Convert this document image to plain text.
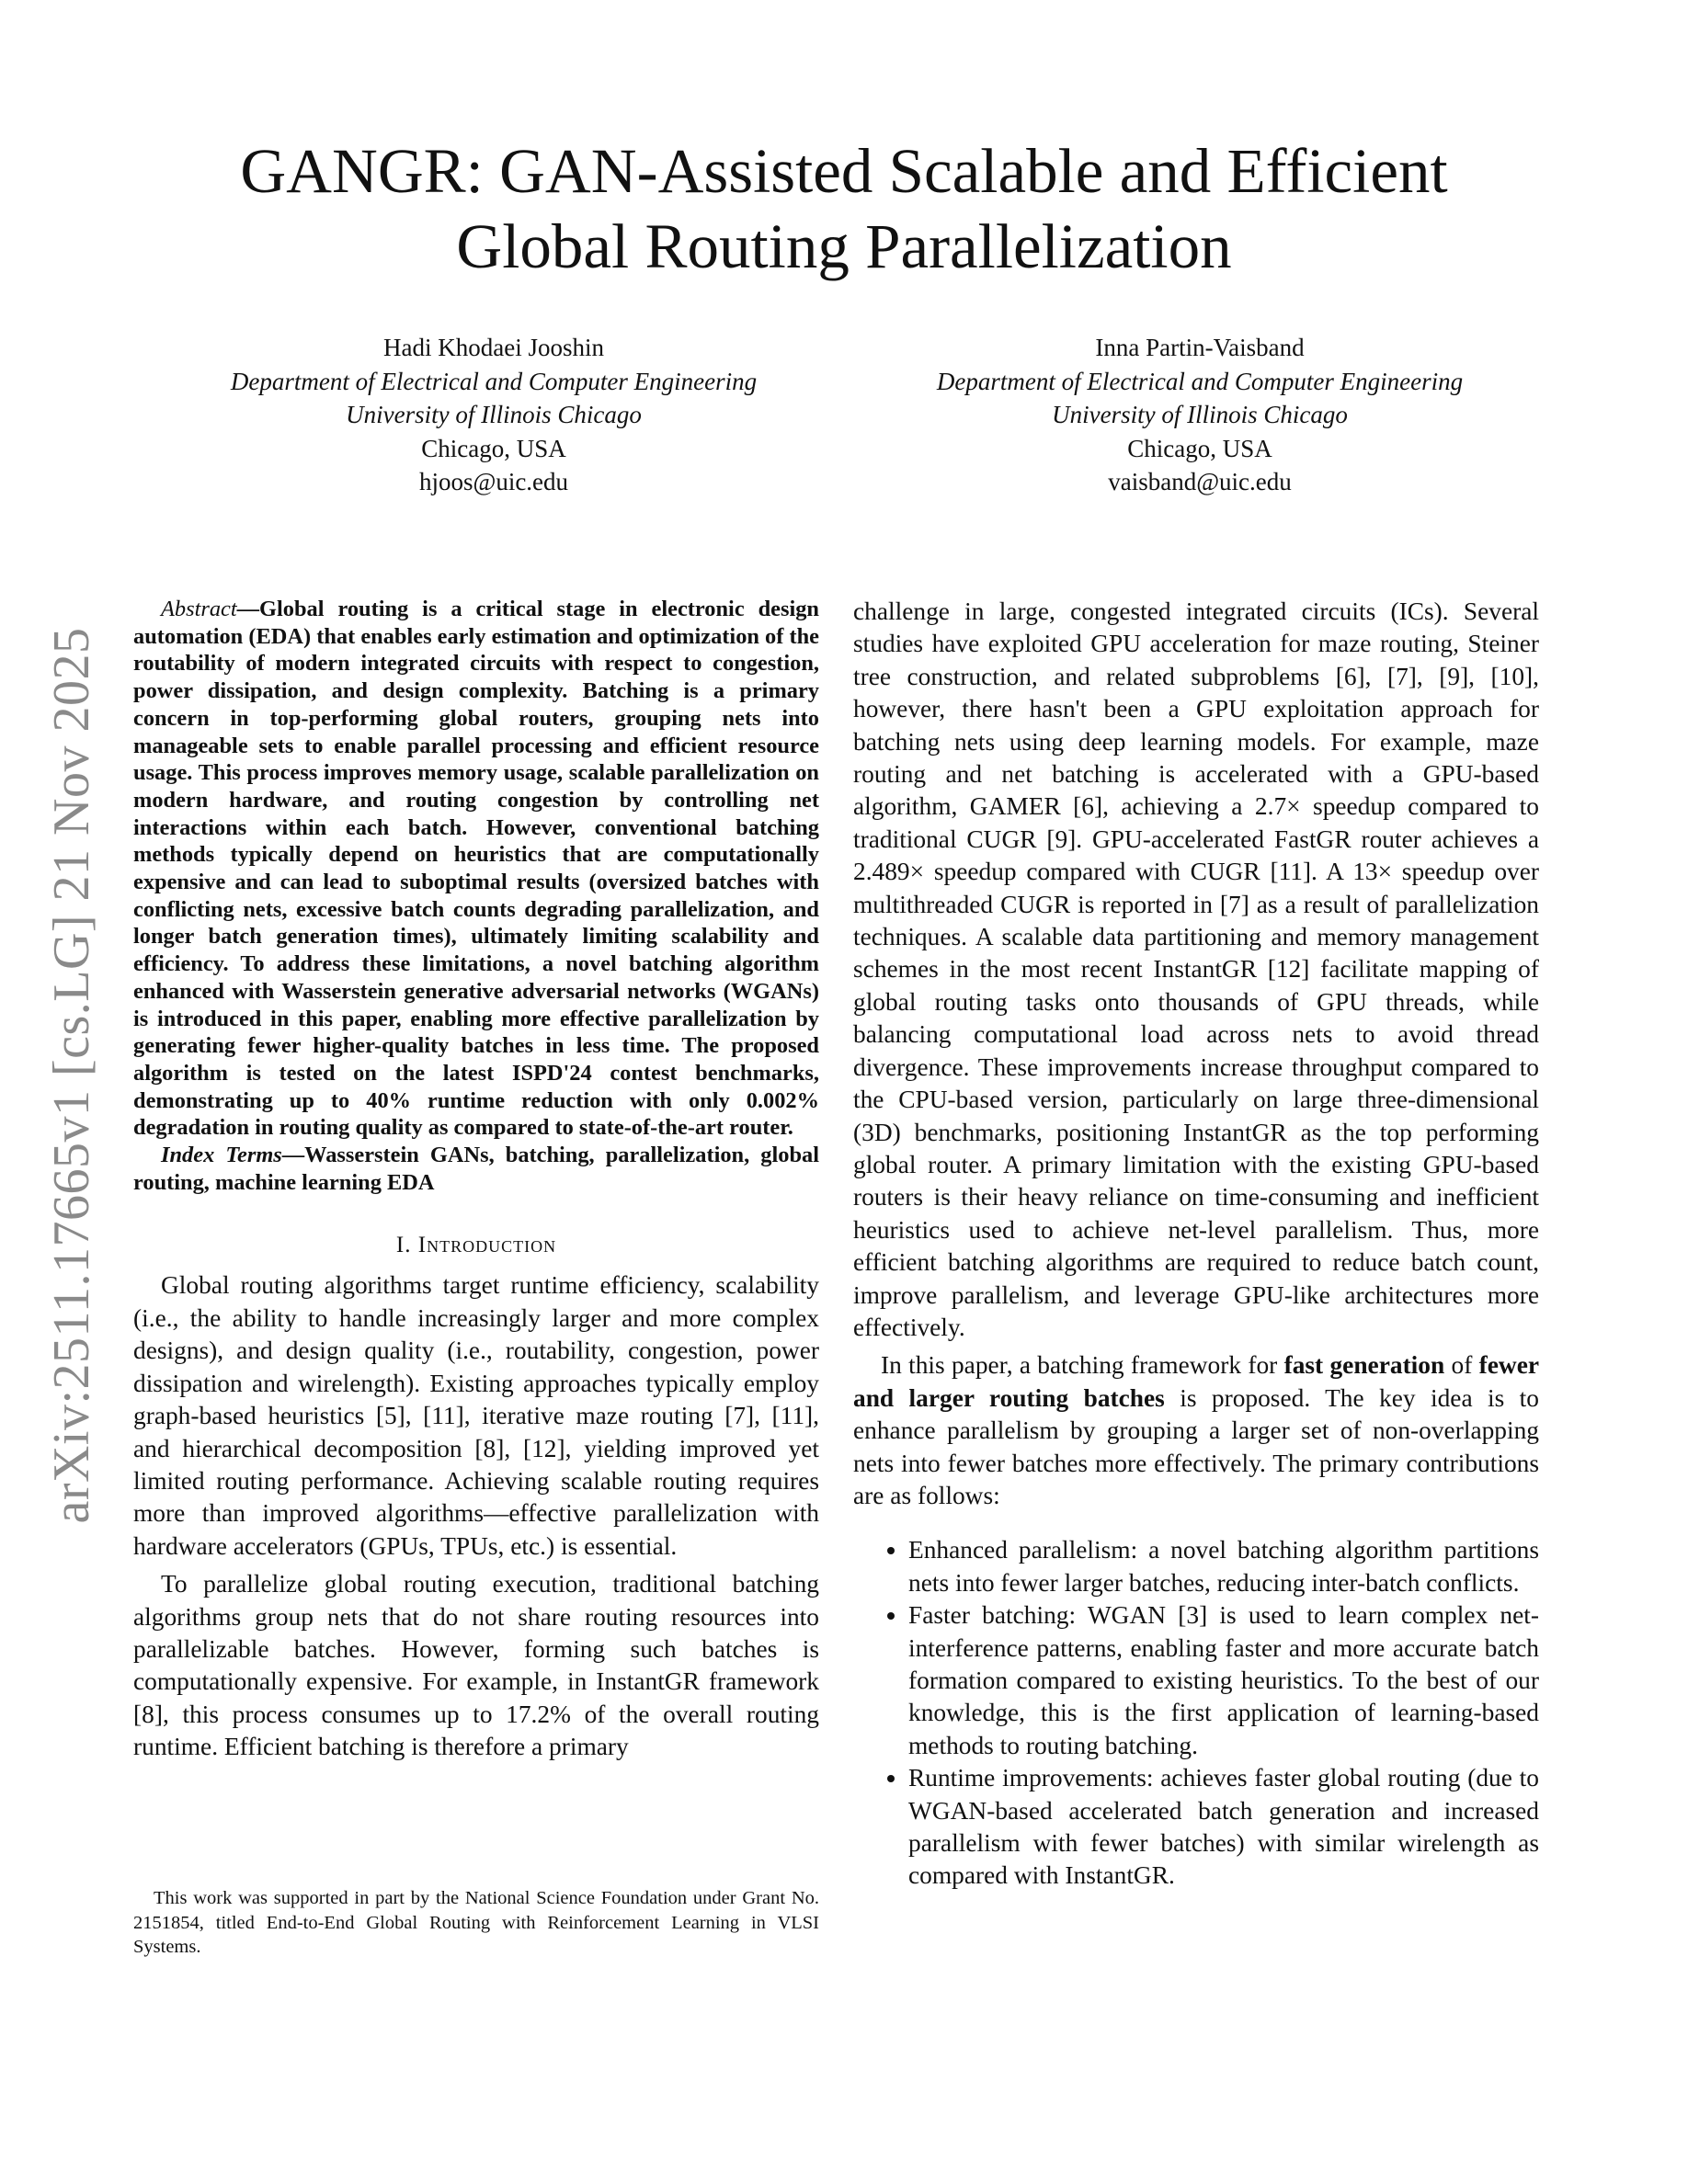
GANGR: GAN-Assisted Scalable and Efficient
Global Routing Parallelization
Hadi Khodaei Jooshin
Department of Electrical and Computer Engineering
University of Illinois Chicago
Chicago, USA
hjoos@uic.edu
Inna Partin-Vaisband
Department of Electrical and Computer Engineering
University of Illinois Chicago
Chicago, USA
vaisband@uic.edu
arXiv:2511.17665v1 [cs.LG] 21 Nov 2025

Abstract—Global routing is a critical stage in electronic design automation (EDA) that enables early estimation and optimization of the routability of modern integrated circuits with respect to congestion, power dissipation, and design complexity. Batching is a primary concern in top-performing global routers, grouping nets into manageable sets to enable parallel processing and efficient resource usage. This process improves memory usage, scalable parallelization on modern hardware, and routing congestion by controlling net interactions within each batch. However, conventional batching methods typically depend on heuristics that are computationally expensive and can lead to suboptimal results (oversized batches with conflicting nets, excessive batch counts degrading parallelization, and longer batch generation times), ultimately limiting scalability and efficiency. To address these limitations, a novel batching algorithm enhanced with Wasserstein generative adversarial networks (WGANs) is introduced in this paper, enabling more effective parallelization by generating fewer higher-quality batches in less time. The proposed algorithm is tested on the latest ISPD'24 contest benchmarks, demonstrating up to 40% runtime reduction with only 0.002% degradation in routing quality as compared to state-of-the-art router.

Index Terms—Wasserstein GANs, batching, parallelization, global routing, machine learning EDA

I. Introduction

Global routing algorithms target runtime efficiency, scalability (i.e., the ability to handle increasingly larger and more complex designs), and design quality (i.e., routability, congestion, power dissipation and wirelength). Existing approaches typically employ graph-based heuristics [5], [11], iterative maze routing [7], [11], and hierarchical decomposition [8], [12], yielding improved yet limited routing performance. Achieving scalable routing requires more than improved algorithms—effective parallelization with hardware accelerators (GPUs, TPUs, etc.) is essential.

To parallelize global routing execution, traditional batching algorithms group nets that do not share routing resources into parallelizable batches. However, forming such batches is computationally expensive. For example, in InstantGR framework [8], this process consumes up to 17.2% of the overall routing runtime. Efficient batching is therefore a primary

challenge in large, congested integrated circuits (ICs). Several studies have exploited GPU acceleration for maze routing, Steiner tree construction, and related subproblems [6], [7], [9], [10], however, there hasn't been a GPU exploitation approach for batching nets using deep learning models. For example, maze routing and net batching is accelerated with a GPU-based algorithm, GAMER [6], achieving a 2.7× speedup compared to traditional CUGR [9]. GPU-accelerated FastGR router achieves a 2.489× speedup compared with CUGR [11]. A 13× speedup over multithreaded CUGR is reported in [7] as a result of parallelization techniques. A scalable data partitioning and memory management schemes in the most recent InstantGR [12] facilitate mapping of global routing tasks onto thousands of GPU threads, while balancing computational load across nets to avoid thread divergence. These improvements increase throughput compared to the CPU-based version, particularly on large three-dimensional (3D) benchmarks, positioning InstantGR as the top performing global router. A primary limitation with the existing GPU-based routers is their heavy reliance on time-consuming and inefficient heuristics used to achieve net-level parallelism. Thus, more efficient batching algorithms are required to reduce batch count, improve parallelism, and leverage GPU-like architectures more effectively.

In this paper, a batching framework for fast generation of fewer and larger routing batches is proposed. The key idea is to enhance parallelism by grouping a larger set of non-overlapping nets into fewer batches more effectively. The primary contributions are as follows:

• Enhanced parallelism: a novel batching algorithm partitions nets into fewer larger batches, reducing inter-batch conflicts.
• Faster batching: WGAN [3] is used to learn complex net-interference patterns, enabling faster and more accurate batch formation compared to existing heuristics. To the best of our knowledge, this is the first application of learning-based methods to routing batching.
• Runtime improvements: achieves faster global routing (due to WGAN-based accelerated batch generation and increased parallelism with fewer batches) with similar wirelength as compared with InstantGR.
This work was supported in part by the National Science Foundation under Grant No. 2151854, titled End-to-End Global Routing with Reinforcement Learning in VLSI Systems.
